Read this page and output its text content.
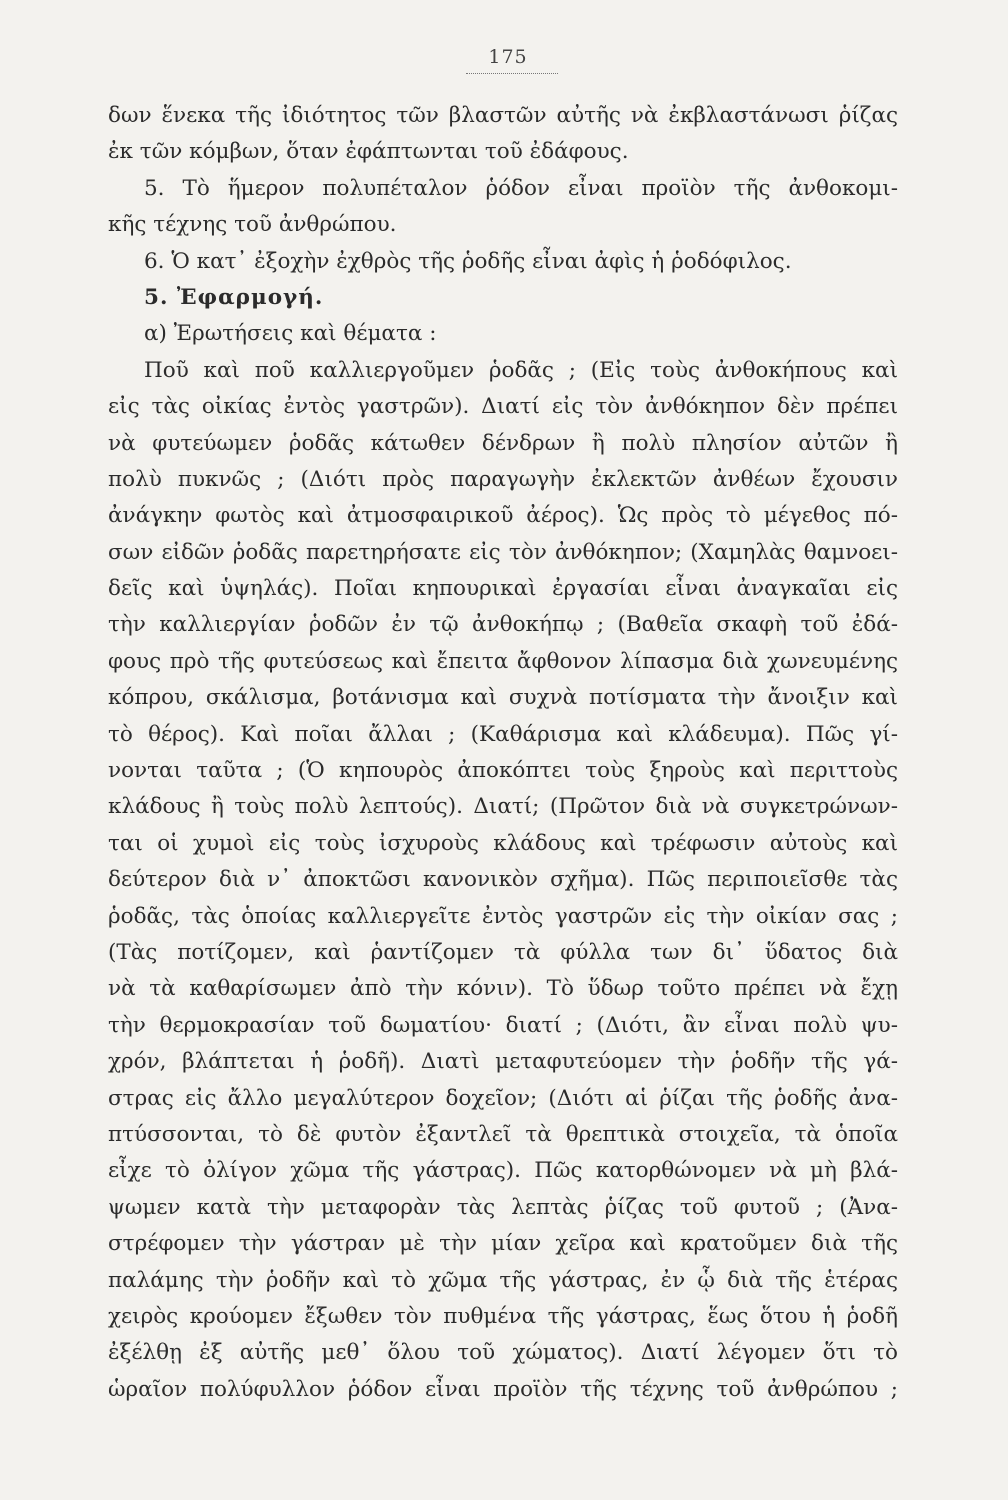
175
δων ἕνεκα τῆς ἰδιότητος τῶν βλαστῶν αὐτῆς νὰ ἐκβλαστάνωσι ῥίζας
ἐκ τῶν κόμβων, ὅταν ἐφάπτωνται τοῦ ἐδάφους.
5. Τὸ ἥμερον πολυπέταλον ῥόδον εἶναι προϊὸν τῆς ἀνθοκομι-
κῆς τέχνης τοῦ ἀνθρώπου.
6. Ὁ κατ᾽ ἐξοχὴν ἐχθρὸς τῆς ῥοδῆς εἶναι ἀφὶς ἡ ῥοδόφιλος.
5. Ἐφαρμογή.
α) Ἐρωτήσεις καὶ θέματα :
Ποῦ καὶ ποῦ καλλιεργοῦμεν ῥοδᾶς ; (Εἰς τοὺς ἀνθοκήπους καὶ
εἰς τὰς οἰκίας ἐντὸς γαστρῶν). Διατί εἰς τὸν ἀνθόκηπον δὲν πρέπει
νὰ φυτεύωμεν ῥοδᾶς κάτωθεν δένδρων ἢ πολὺ πλησίον αὐτῶν ἢ
πολὺ πυκνῶς ; (Διότι πρὸς παραγωγὴν ἐκλεκτῶν ἀνθέων ἔχουσιν
ἀνάγκην φωτὸς καὶ ἀτμοσφαιρικοῦ ἀέρος). Ὡς πρὸς τὸ μέγεθος πό-
σων εἰδῶν ῥοδᾶς παρετηρήσατε εἰς τὸν ἀνθόκηπον; (Χαμηλὰς θαμνοει-
δεῖς καὶ ὑψηλάς). Ποῖαι κηπουρικαὶ ἐργασίαι εἶναι ἀναγκαῖαι εἰς
τὴν καλλιεργίαν ῥοδῶν ἐν τῷ ἀνθοκήπῳ ; (Βαθεῖα σκαφὴ τοῦ ἐδά-
φους πρὸ τῆς φυτεύσεως καὶ ἔπειτα ἄφθονον λίπασμα διὰ χωνευμένης
κόπρου, σκάλισμα, βοτάνισμα καὶ συχνὰ ποτίσματα τὴν ἄνοιξιν καὶ
τὸ θέρος). Καὶ ποῖαι ἄλλαι ; (Καθάρισμα καὶ κλάδευμα). Πῶς γί-
νονται ταῦτα ; (Ὁ κηπουρὸς ἀποκόπτει τοὺς ξηροὺς καὶ περιττοὺς
κλάδους ἢ τοὺς πολὺ λεπτούς). Διατί; (Πρῶτον διὰ νὰ συγκετρώνων-
ται οἱ χυμοὶ εἰς τοὺς ἰσχυροὺς κλάδους καὶ τρέφωσιν αὐτοὺς καὶ
δεύτερον διὰ ν᾽ ἀποκτῶσι κανονικὸν σχῆμα). Πῶς περιποιεῖσθε τὰς
ῥοδᾶς, τὰς ὁποίας καλλιεργεῖτε ἐντὸς γαστρῶν εἰς τὴν οἰκίαν σας ;
(Τὰς ποτίζομεν, καὶ ῥαντίζομεν τὰ φύλλα των δι᾽ ὕδατος διὰ
νὰ τὰ καθαρίσωμεν ἀπὸ τὴν κόνιν). Τὸ ὕδωρ τοῦτο πρέπει νὰ ἔχῃ
τὴν θερμοκρασίαν τοῦ δωματίου· διατί ; (Διότι, ἂν εἶναι πολὺ ψυ-
χρόν, βλάπτεται ἡ ῥοδῆ). Διατὶ μεταφυτεύομεν τὴν ῥοδῆν τῆς γά-
στρας εἰς ἄλλο μεγαλύτερον δοχεῖον; (Διότι αἱ ῥίζαι τῆς ῥοδῆς ἀνα-
πτύσσονται, τὸ δὲ φυτὸν ἐξαντλεῖ τὰ θρεπτικὰ στοιχεῖα, τὰ ὁποῖα
εἶχε τὸ ὀλίγον χῶμα τῆς γάστρας). Πῶς κατορθώνομεν νὰ μὴ βλά-
ψωμεν κατὰ τὴν μεταφορὰν τὰς λεπτὰς ῥίζας τοῦ φυτοῦ ; (Ἀνα-
στρέφομεν τὴν γάστραν μὲ τὴν μίαν χεῖρα καὶ κρατοῦμεν διὰ τῆς
παλάμης τὴν ῥοδῆν καὶ τὸ χῶμα τῆς γάστρας, ἐν ᾧ διὰ τῆς ἑτέρας
χειρὸς κρούομεν ἔξωθεν τὸν πυθμένα τῆς γάστρας, ἕως ὅτου ἡ ῥοδῆ
ἐξέλθῃ ἐξ αὐτῆς μεθ᾽ ὅλου τοῦ χώματος). Διατί λέγομεν ὅτι τὸ
ὡραῖον πολύφυλλον ῥόδον εἶναι προϊὸν τῆς τέχνης τοῦ ἀνθρώπου ;
